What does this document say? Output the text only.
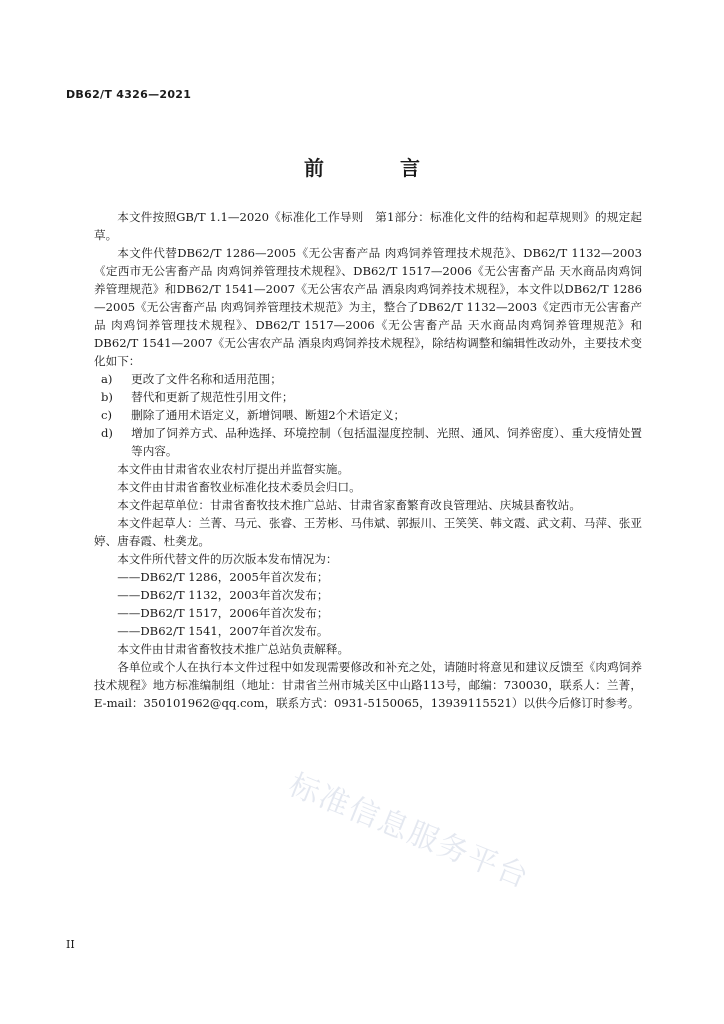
DB62/T 4326—2021
前　言

本文件按照GB/T 1.1—2020《标准化工作导则　第1部分：标准化文件的结构和起草规则》的规定起草。

本文件代替DB62/T 1286—2005《无公害畜产品 肉鸡饲养管理技术规范》、DB62/T 1132—2003《定西市无公害畜产品 肉鸡饲养管理技术规程》、DB62/T 1517—2006《无公害畜产品 天水商品肉鸡饲养管理规范》和DB62/T 1541—2007《无公害农产品 酒泉肉鸡饲养技术规程》，本文件以DB62/T 1286—2005《无公害畜产品 肉鸡饲养管理技术规范》为主，整合了DB62/T 1132—2003《定西市无公害畜产品 肉鸡饲养管理技术规程》、DB62/T 1517—2006《无公害畜产品 天水商品肉鸡饲养管理规范》和DB62/T 1541—2007《无公害农产品 酒泉肉鸡饲养技术规程》，除结构调整和编辑性改动外，主要技术变化如下：

a) 更改了文件名称和适用范围；

b) 替代和更新了规范性引用文件；

c) 删除了通用术语定义，新增饲喂、断翅2个术语定义；

d) 增加了饲养方式、品种选择、环境控制（包括温湿度控制、光照、通风、饲养密度）、重大疫情处置等内容。

本文件由甘肃省农业农村厅提出并监督实施。

本文件由甘肃省畜牧业标准化技术委员会归口。

本文件起草单位：甘肃省畜牧技术推广总站、甘肃省家畜繁育改良管理站、庆城县畜牧站。

本文件起草人：兰菁、马元、张睿、王芳彬、马伟斌、郭振川、王笑笑、韩文霞、武文莉、马萍、张亚婷、唐春霞、杜䶮龙。

本文件所代替文件的历次版本发布情况为：

——DB62/T 1286，2005年首次发布；

——DB62/T 1132，2003年首次发布；

——DB62/T 1517，2006年首次发布；

——DB62/T 1541，2007年首次发布。

本文件由甘肃省畜牧技术推广总站负责解释。

各单位或个人在执行本文件过程中如发现需要修改和补充之处，请随时将意见和建议反馈至《肉鸡饲养技术规程》地方标准编制组（地址：甘肃省兰州市城关区中山路113号，邮编：730030，联系人：兰菁，E-mail：350101962@qq.com，联系方式：0931-5150065，13939115521）以供今后修订时参考。

标准信息服务平台
II
